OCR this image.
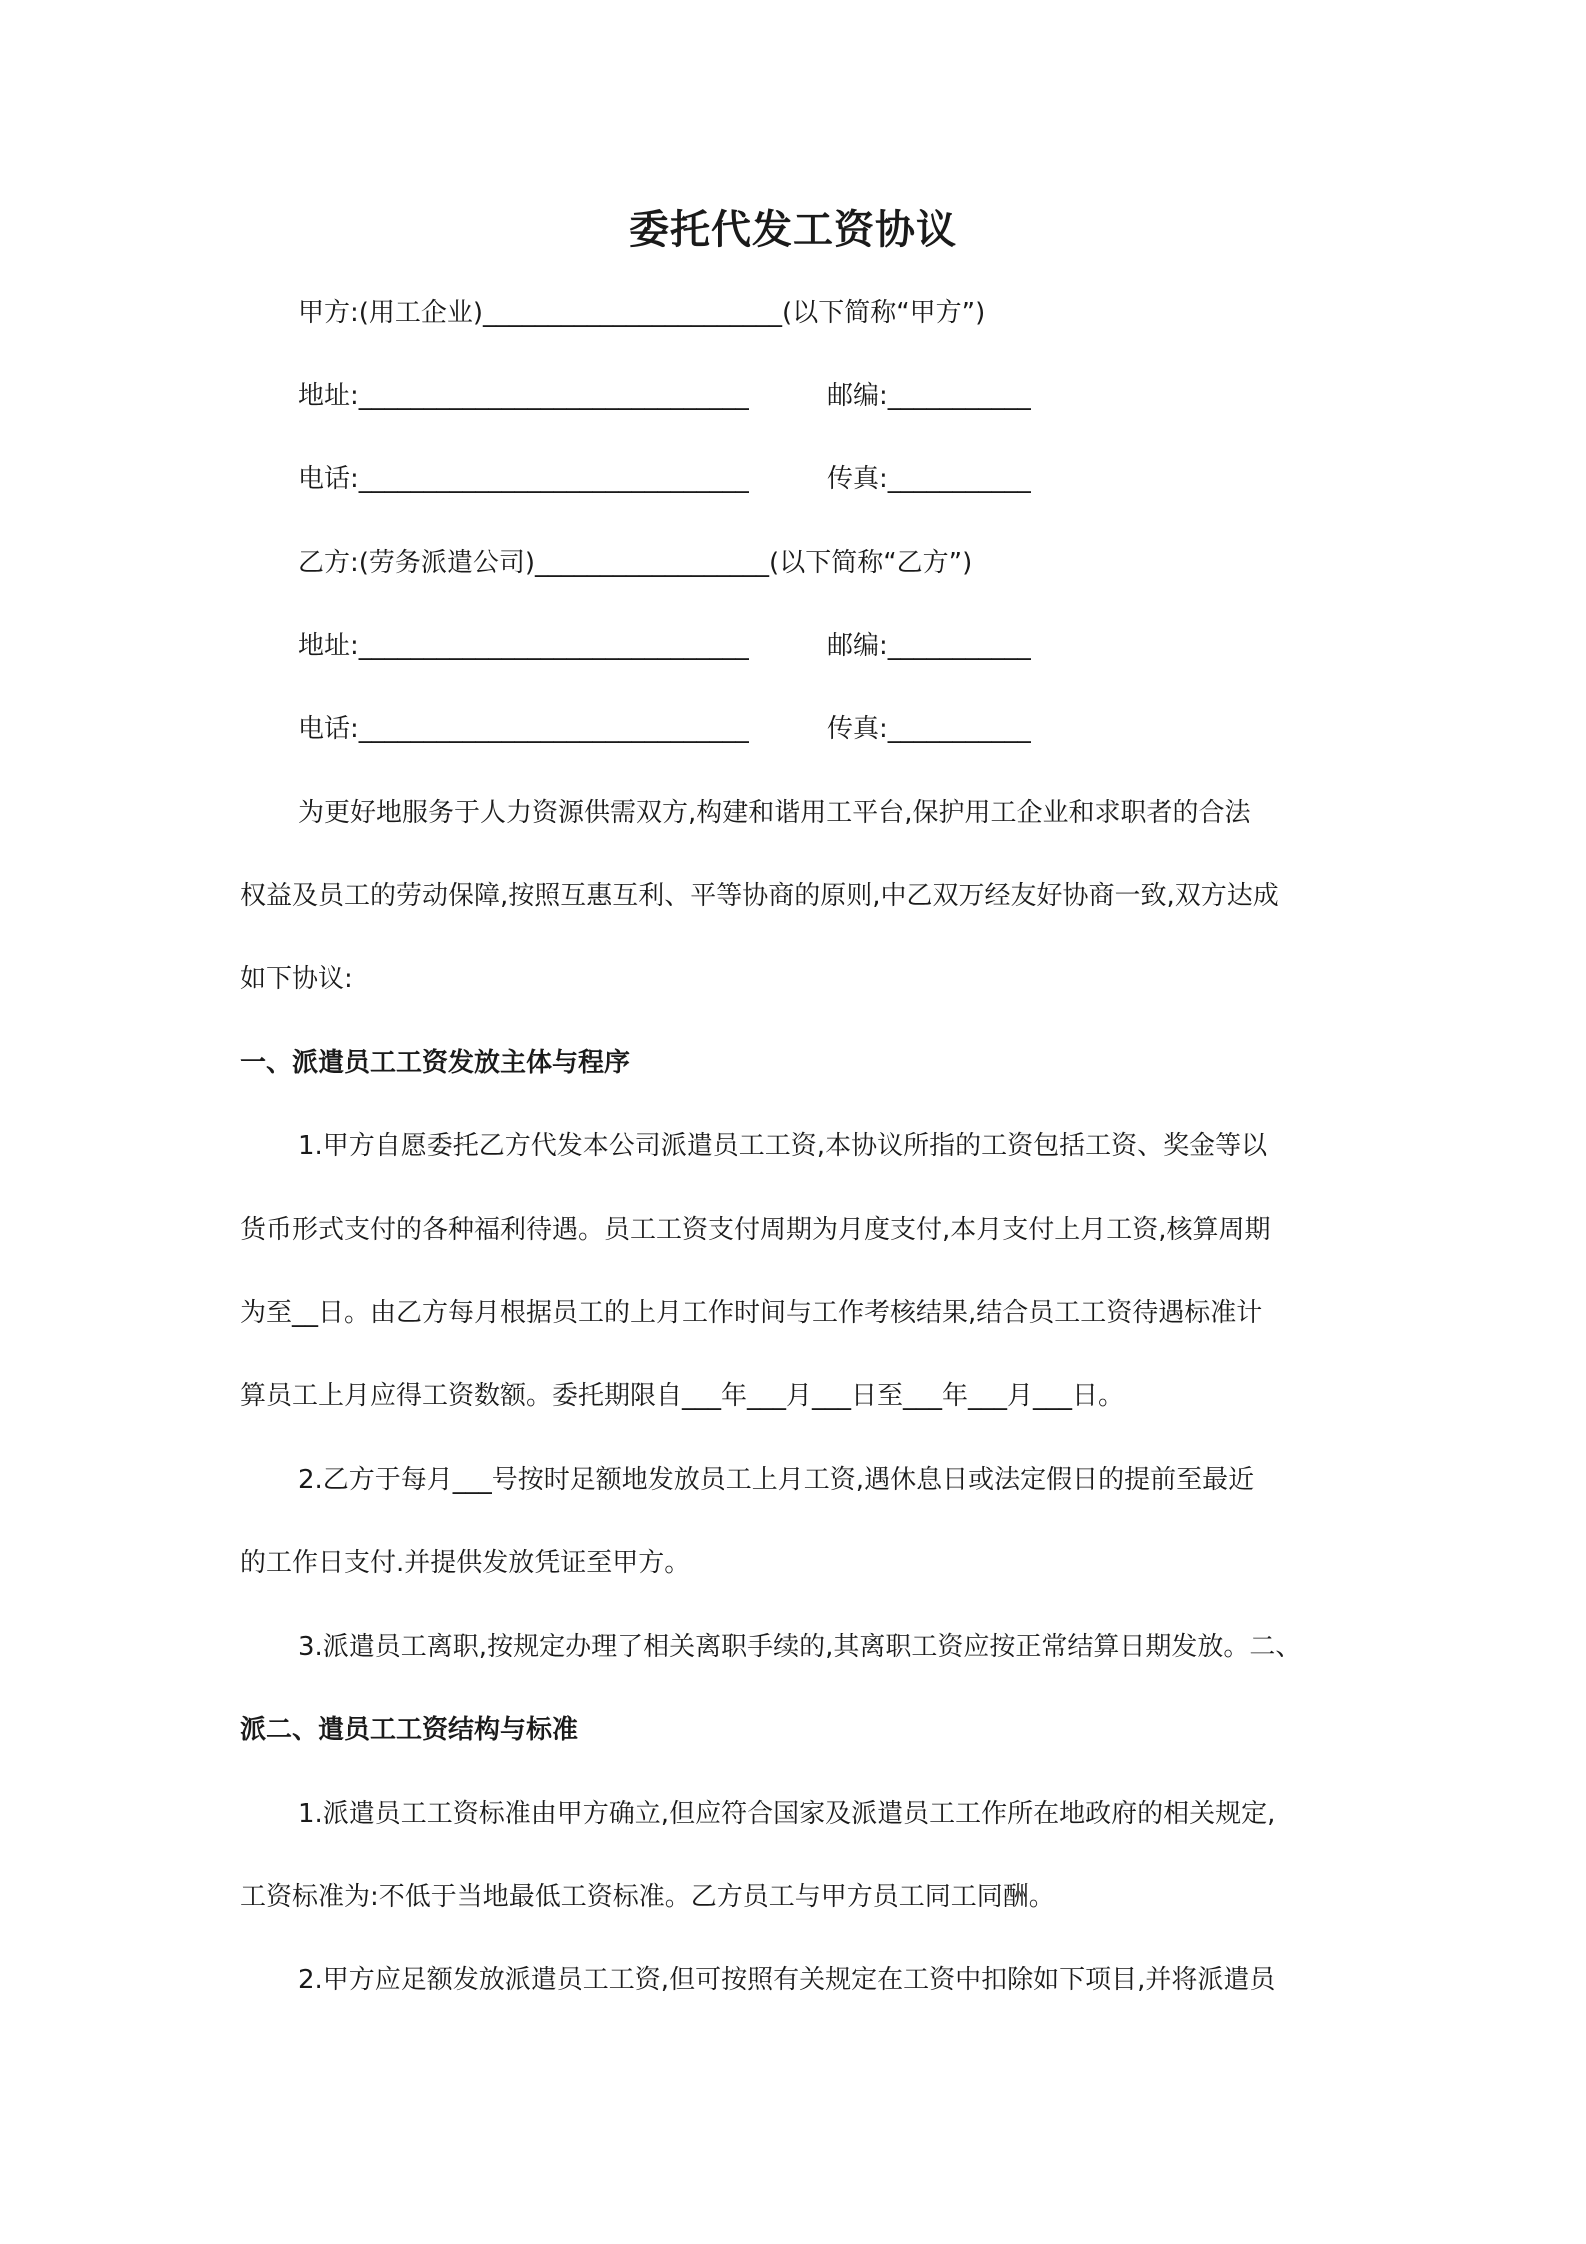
委托代发工资协议
甲方:(用工企业)_______________________(以下简称“甲方”)
地址:______________________________	邮编:___________
电话:______________________________	传真:___________
乙方:(劳务派遣公司)__________________(以下简称“乙方”)
地址:______________________________	邮编:___________
电话:______________________________	传真:___________
为更好地服务于人力资源供需双方,构建和谐用工平台,保护用工企业和求职者的合法
权益及员工的劳动保障,按照互惠互利、平等协商的原则,中乙双万经友好协商一致,双方达成
如下协议:
一、派遣员工工资发放主体与程序
1.甲方自愿委托乙方代发本公司派遣员工工资,本协议所指的工资包括工资、奖金等以
货币形式支付的各种福利待遇。员工工资支付周期为月度支付,本月支付上月工资,核算周期
为至__日。由乙方每月根据员工的上月工作时间与工作考核结果,结合员工工资待遇标准计
算员工上月应得工资数额。委托期限自___年___月___日至___年___月___日。
2.乙方于每月___号按时足额地发放员工上月工资,遇休息日或法定假日的提前至最近
的工作日支付.并提供发放凭证至甲方。
3.派遣员工离职,按规定办理了相关离职手续的,其离职工资应按正常结算日期发放。二、
派二、遣员工工资结构与标准
1.派遣员工工资标准由甲方确立,但应符合国家及派遣员工工作所在地政府的相关规定,
工资标准为:不低于当地最低工资标准。乙方员工与甲方员工同工同酬。
2.甲方应足额发放派遣员工工资,但可按照有关规定在工资中扣除如下项目,并将派遣员
